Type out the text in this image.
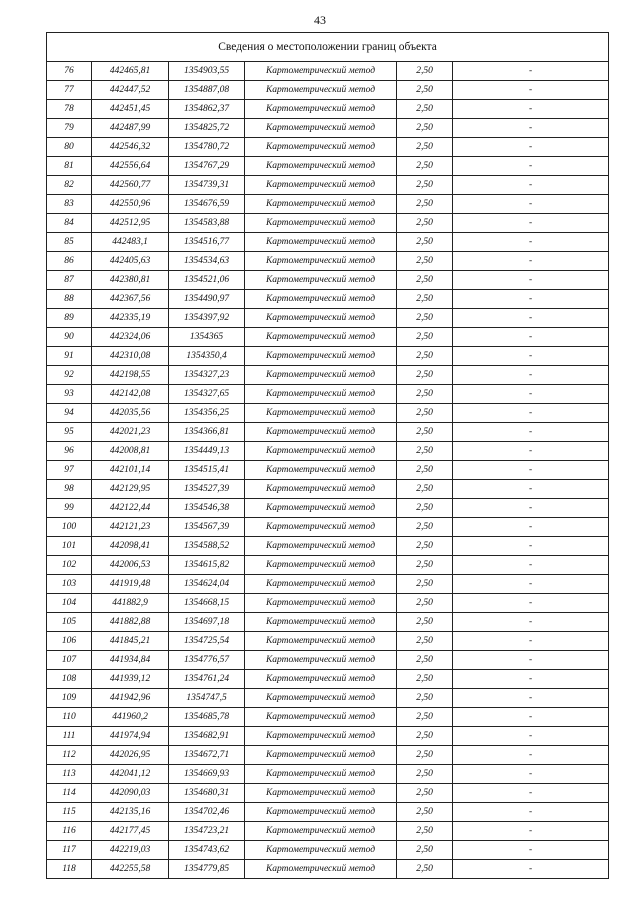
43
Сведения о местоположении границ объекта					
76	442465,81	1354903,55	Картометрический метод	2,50	-
77	442447,52	1354887,08	Картометрический метод	2,50	-
78	442451,45	1354862,37	Картометрический метод	2,50	-
79	442487,99	1354825,72	Картометрический метод	2,50	-
80	442546,32	1354780,72	Картометрический метод	2,50	-
81	442556,64	1354767,29	Картометрический метод	2,50	-
82	442560,77	1354739,31	Картометрический метод	2,50	-
83	442550,96	1354676,59	Картометрический метод	2,50	-
84	442512,95	1354583,88	Картометрический метод	2,50	-
85	442483,1	1354516,77	Картометрический метод	2,50	-
86	442405,63	1354534,63	Картометрический метод	2,50	-
87	442380,81	1354521,06	Картометрический метод	2,50	-
88	442367,56	1354490,97	Картометрический метод	2,50	-
89	442335,19	1354397,92	Картометрический метод	2,50	-
90	442324,06	1354365	Картометрический метод	2,50	-
91	442310,08	1354350,4	Картометрический метод	2,50	-
92	442198,55	1354327,23	Картометрический метод	2,50	-
93	442142,08	1354327,65	Картометрический метод	2,50	-
94	442035,56	1354356,25	Картометрический метод	2,50	-
95	442021,23	1354366,81	Картометрический метод	2,50	-
96	442008,81	1354449,13	Картометрический метод	2,50	-
97	442101,14	1354515,41	Картометрический метод	2,50	-
98	442129,95	1354527,39	Картометрический метод	2,50	-
99	442122,44	1354546,38	Картометрический метод	2,50	-
100	442121,23	1354567,39	Картометрический метод	2,50	-
101	442098,41	1354588,52	Картометрический метод	2,50	-
102	442006,53	1354615,82	Картометрический метод	2,50	-
103	441919,48	1354624,04	Картометрический метод	2,50	-
104	441882,9	1354668,15	Картометрический метод	2,50	-
105	441882,88	1354697,18	Картометрический метод	2,50	-
106	441845,21	1354725,54	Картометрический метод	2,50	-
107	441934,84	1354776,57	Картометрический метод	2,50	-
108	441939,12	1354761,24	Картометрический метод	2,50	-
109	441942,96	1354747,5	Картометрический метод	2,50	-
110	441960,2	1354685,78	Картометрический метод	2,50	-
111	441974,94	1354682,91	Картометрический метод	2,50	-
112	442026,95	1354672,71	Картометрический метод	2,50	-
113	442041,12	1354669,93	Картометрический метод	2,50	-
114	442090,03	1354680,31	Картометрический метод	2,50	-
115	442135,16	1354702,46	Картометрический метод	2,50	-
116	442177,45	1354723,21	Картометрический метод	2,50	-
117	442219,03	1354743,62	Картометрический метод	2,50	-
118	442255,58	1354779,85	Картометрический метод	2,50	-
